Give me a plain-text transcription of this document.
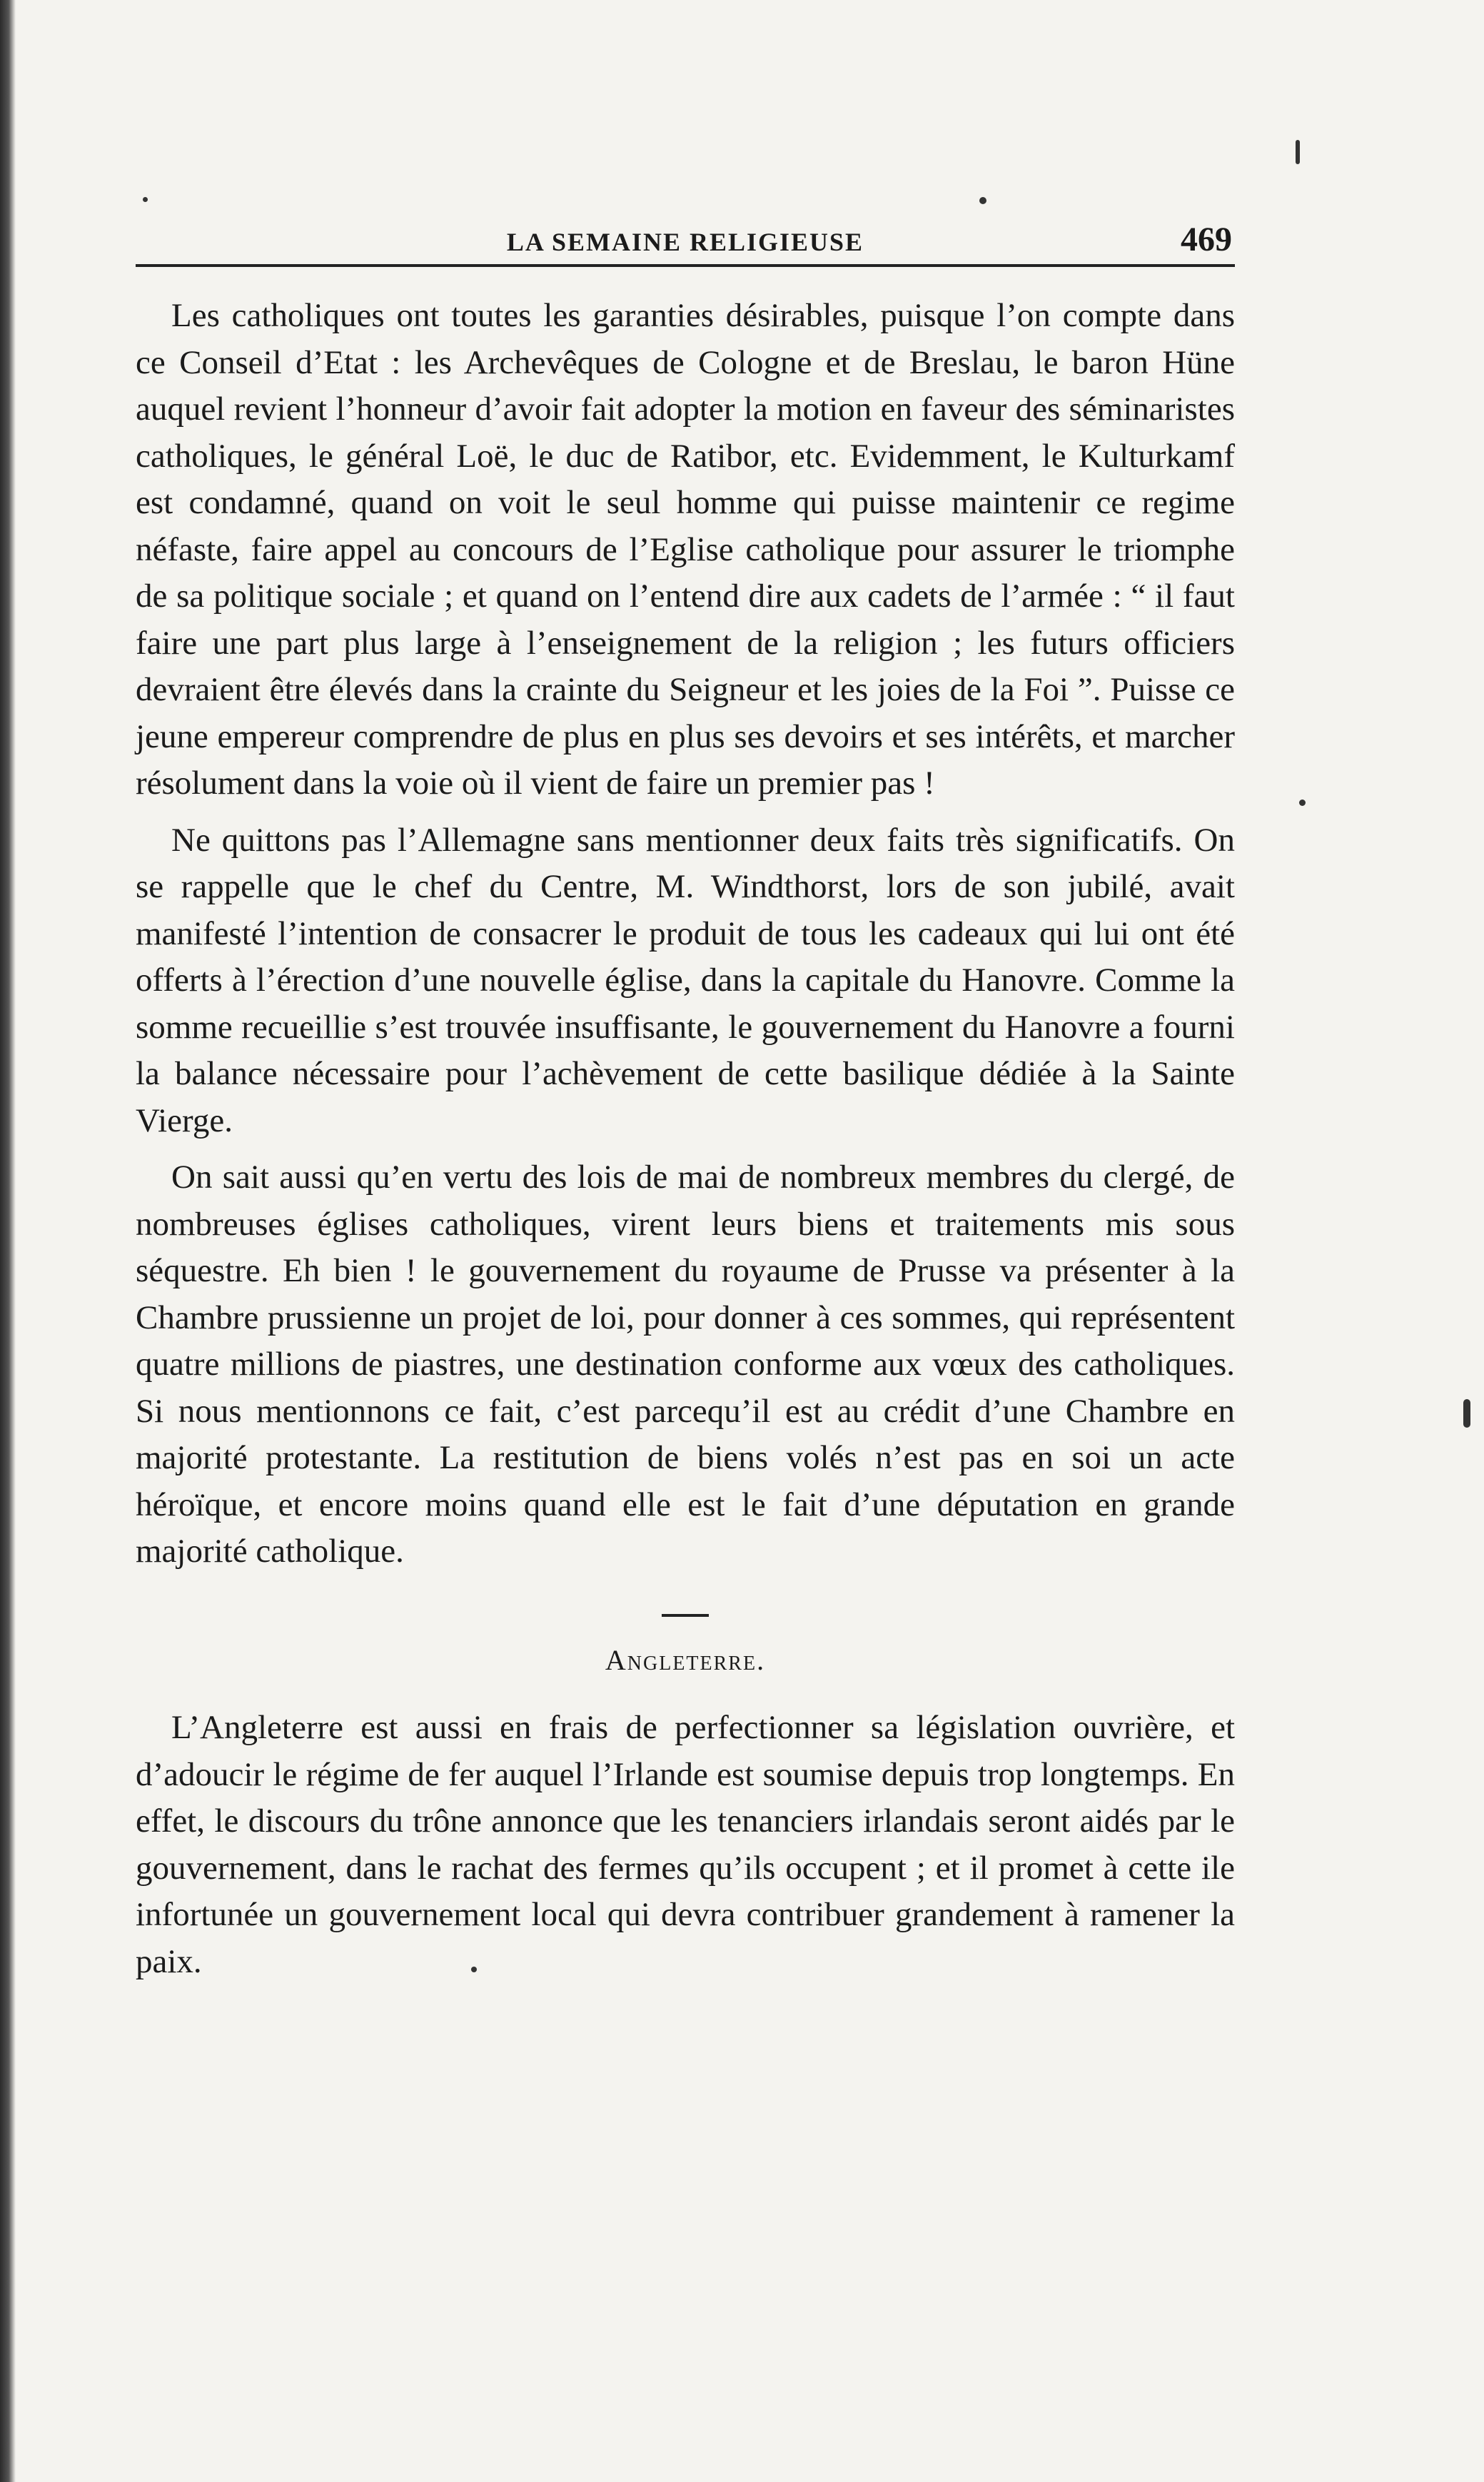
LA SEMAINE RELIGIEUSE	469

Les catholiques ont toutes les garanties désirables, puisque l’on compte dans ce Conseil d’Etat : les Archevêques de Cologne et de Breslau, le baron Hüne auquel revient l’honneur d’avoir fait adopter la motion en faveur des séminaristes catholiques, le général Loë, le duc de Ratibor, etc. Evidemment, le Kulturkamf est condamné, quand on voit le seul homme qui puisse maintenir ce regime néfaste, faire appel au concours de l’Eglise catholique pour assurer le triomphe de sa politique sociale ; et quand on l’entend dire aux cadets de l’armée : “ il faut faire une part plus large à l’enseignement de la religion ; les futurs officiers devraient être élevés dans la crainte du Seigneur et les joies de la Foi ”. Puisse ce jeune empereur comprendre de plus en plus ses devoirs et ses intérêts, et marcher résolument dans la voie où il vient de faire un premier pas !

Ne quittons pas l’Allemagne sans mentionner deux faits très significatifs. On se rappelle que le chef du Centre, M. Windthorst, lors de son jubilé, avait manifesté l’intention de consacrer le produit de tous les cadeaux qui lui ont été offerts à l’érection d’une nouvelle église, dans la capitale du Hanovre. Comme la somme recueillie s’est trouvée insuffisante, le gouvernement du Hanovre a fourni la balance nécessaire pour l’achèvement de cette basilique dédiée à la Sainte Vierge.

On sait aussi qu’en vertu des lois de mai de nombreux membres du clergé, de nombreuses églises catholiques, virent leurs biens et traitements mis sous séquestre. Eh bien ! le gouvernement du royaume de Prusse va présenter à la Chambre prussienne un projet de loi, pour donner à ces sommes, qui représentent quatre millions de piastres, une destination conforme aux vœux des catholiques. Si nous mentionnons ce fait, c’est parcequ’il est au crédit d’une Chambre en majorité protestante. La restitution de biens volés n’est pas en soi un acte héroïque, et encore moins quand elle est le fait d’une députation en grande majorité catholique.

Angleterre.

L’Angleterre est aussi en frais de perfectionner sa législation ouvrière, et d’adoucir le régime de fer auquel l’Irlande est soumise depuis trop longtemps. En effet, le discours du trône annonce que les tenanciers irlandais seront aidés par le gouvernement, dans le rachat des fermes qu’ils occupent ; et il promet à cette ile infortunée un gouvernement local qui devra contribuer grandement à ramener la paix.
